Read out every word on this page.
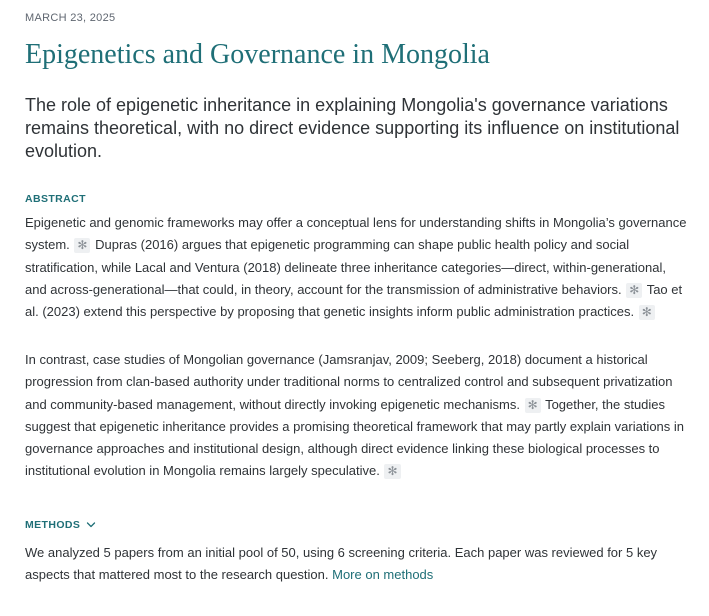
MARCH 23, 2025
Epigenetics and Governance in Mongolia

The role of epigenetic inheritance in explaining Mongolia's governance variations remains theoretical, with no direct evidence supporting its influence on institutional evolution.

ABSTRACT

Epigenetic and genomic frameworks may offer a conceptual lens for understanding shifts in Mongolia’s governance system. ✻ Dupras (2016) argues that epigenetic programming can shape public health policy and social stratification, while Lacal and Ventura (2018) delineate three inheritance categories—direct, within-generational, and across-generational—that could, in theory, account for the transmission of administrative behaviors. ✻ Tao et al. (2023) extend this perspective by proposing that genetic insights inform public administration practices. ✻

In contrast, case studies of Mongolian governance (Jamsranjav, 2009; Seeberg, 2018) document a historical progression from clan-based authority under traditional norms to centralized control and subsequent privatization and community-based management, without directly invoking epigenetic mechanisms. ✻ Together, the studies suggest that epigenetic inheritance provides a promising theoretical framework that may partly explain variations in governance approaches and institutional design, although direct evidence linking these biological processes to institutional evolution in Mongolia remains largely speculative. ✻

METHODS

We analyzed 5 papers from an initial pool of 50, using 6 screening criteria. Each paper was reviewed for 5 key aspects that mattered most to the research question. More on methods
